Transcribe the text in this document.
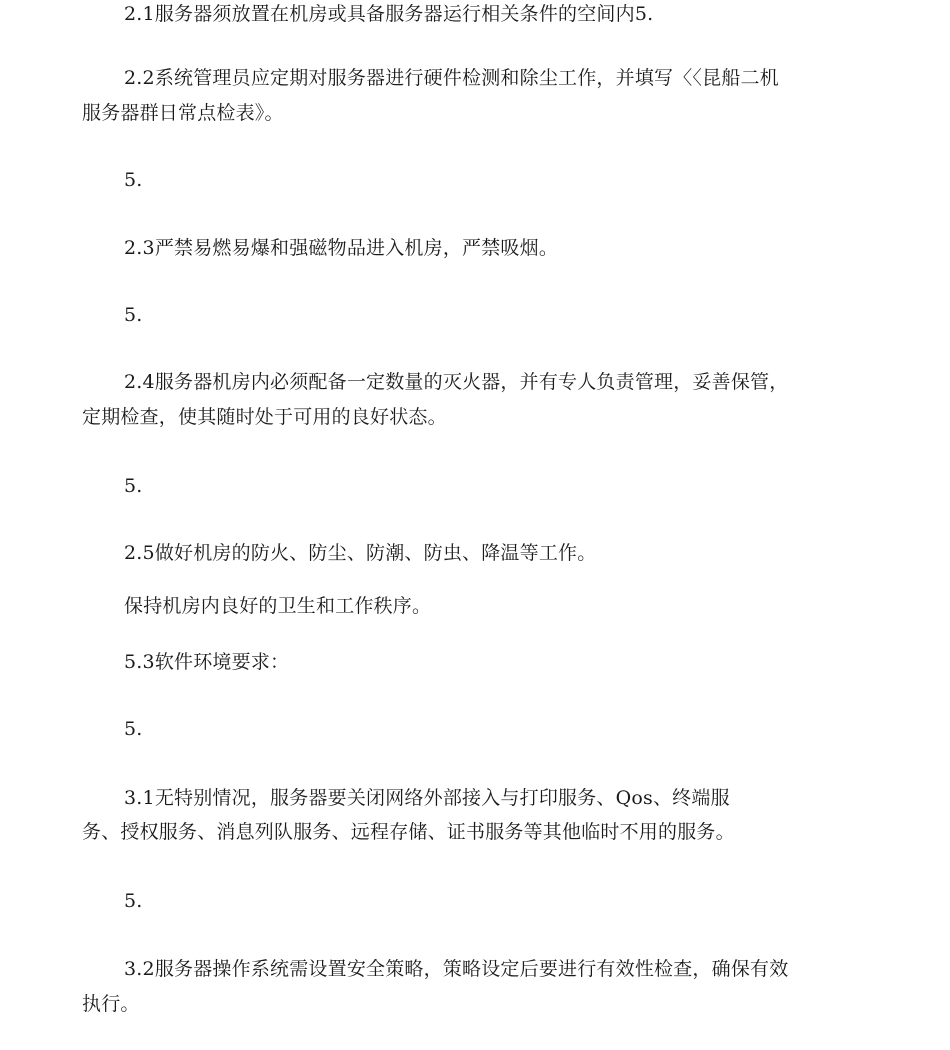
2.1服务器须放置在机房或具备服务器运行相关条件的空间内5.
2.2系统管理员应定期对服务器进行硬件检测和除尘工作，并填写〈〈昆船二机
服务器群日常点检表》。
5.
2.3严禁易燃易爆和强磁物品进入机房，严禁吸烟。
5.
2.4服务器机房内必须配备一定数量的灭火器，并有专人负责管理，妥善保管，
定期检查，使其随时处于可用的良好状态。
5.
2.5做好机房的防火、防尘、防潮、防虫、降温等工作。
保持机房内良好的卫生和工作秩序。
5.3软件环境要求：
5.
3.1无特别情况，服务器要关闭网络外部接入与打印服务、Qos、终端服
务、授权服务、消息列队服务、远程存储、证书服务等其他临时不用的服务。
5.
3.2服务器操作系统需设置安全策略，策略设定后要进行有效性检查，确保有效
执行。
